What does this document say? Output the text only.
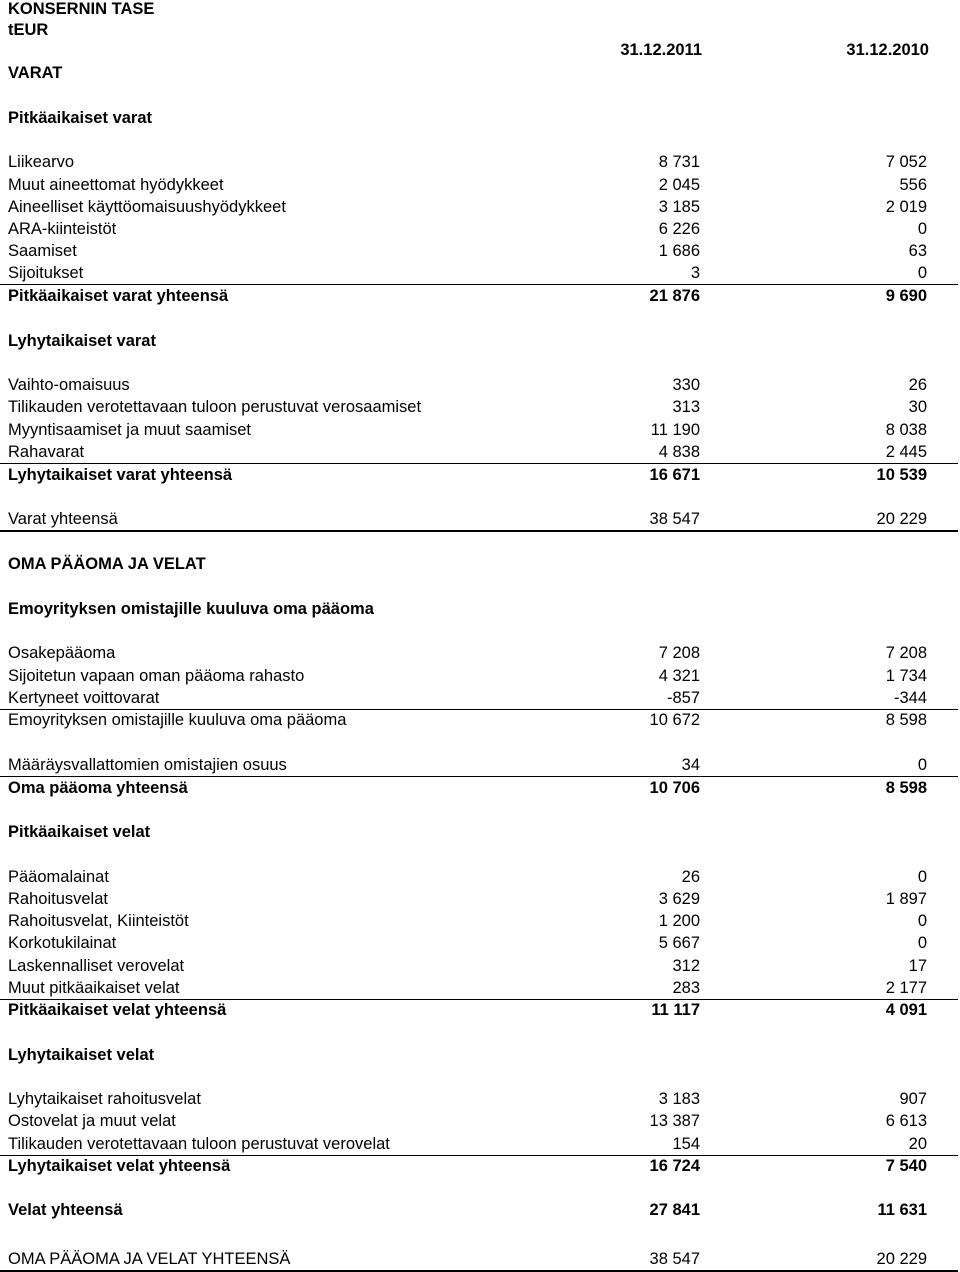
KONSERNIN TASE
tEUR
VARAT
31.12.2011	31.12.2010
Pitkäaikaiset varat
Liikearvo	8 731	7 052
Muut aineettomat hyödykkeet	2 045	556
Aineelliset käyttöomaisuushyödykkeet	3 185	2 019
ARA-kiinteistöt	6 226	0
Saamiset	1 686	63
Sijoitukset	3	0
Pitkäaikaiset varat yhteensä	21 876	9 690
Lyhytaikaiset varat
Vaihto-omaisuus	330	26
Tilikauden verotettavaan tuloon perustuvat verosaamiset	313	30
Myyntisaamiset ja muut saamiset	11 190	8 038
Rahavarat	4 838	2 445
Lyhytaikaiset varat yhteensä	16 671	10 539
Varat yhteensä	38 547	20 229
OMA PÄÄOMA JA VELAT
Emoyrityksen omistajille kuuluva oma pääoma
Osakepääoma	7 208	7 208
Sijoitetun vapaan oman pääoma rahasto	4 321	1 734
Kertyneet voittovarat	-857	-344
Emoyrityksen omistajille kuuluva oma pääoma	10 672	8 598
Määräysvallattomien omistajien osuus	34	0
Oma pääoma yhteensä	10 706	8 598
Pitkäaikaiset velat
Pääomalainat	26	0
Rahoitusvelat	3 629	1 897
Rahoitusvelat, Kiinteistöt	1 200	0
Korkotukilainat	5 667	0
Laskennalliset verovelat	312	17
Muut pitkäaikaiset velat	283	2 177
Pitkäaikaiset velat yhteensä	11 117	4 091
Lyhytaikaiset velat
Lyhytaikaiset rahoitusvelat	3 183	907
Ostovelat ja muut velat	13 387	6 613
Tilikauden verotettavaan tuloon perustuvat verovelat	154	20
Lyhytaikaiset velat yhteensä	16 724	7 540
Velat yhteensä	27 841	11 631
OMA PÄÄOMA JA VELAT YHTEENSÄ	38 547	20 229
